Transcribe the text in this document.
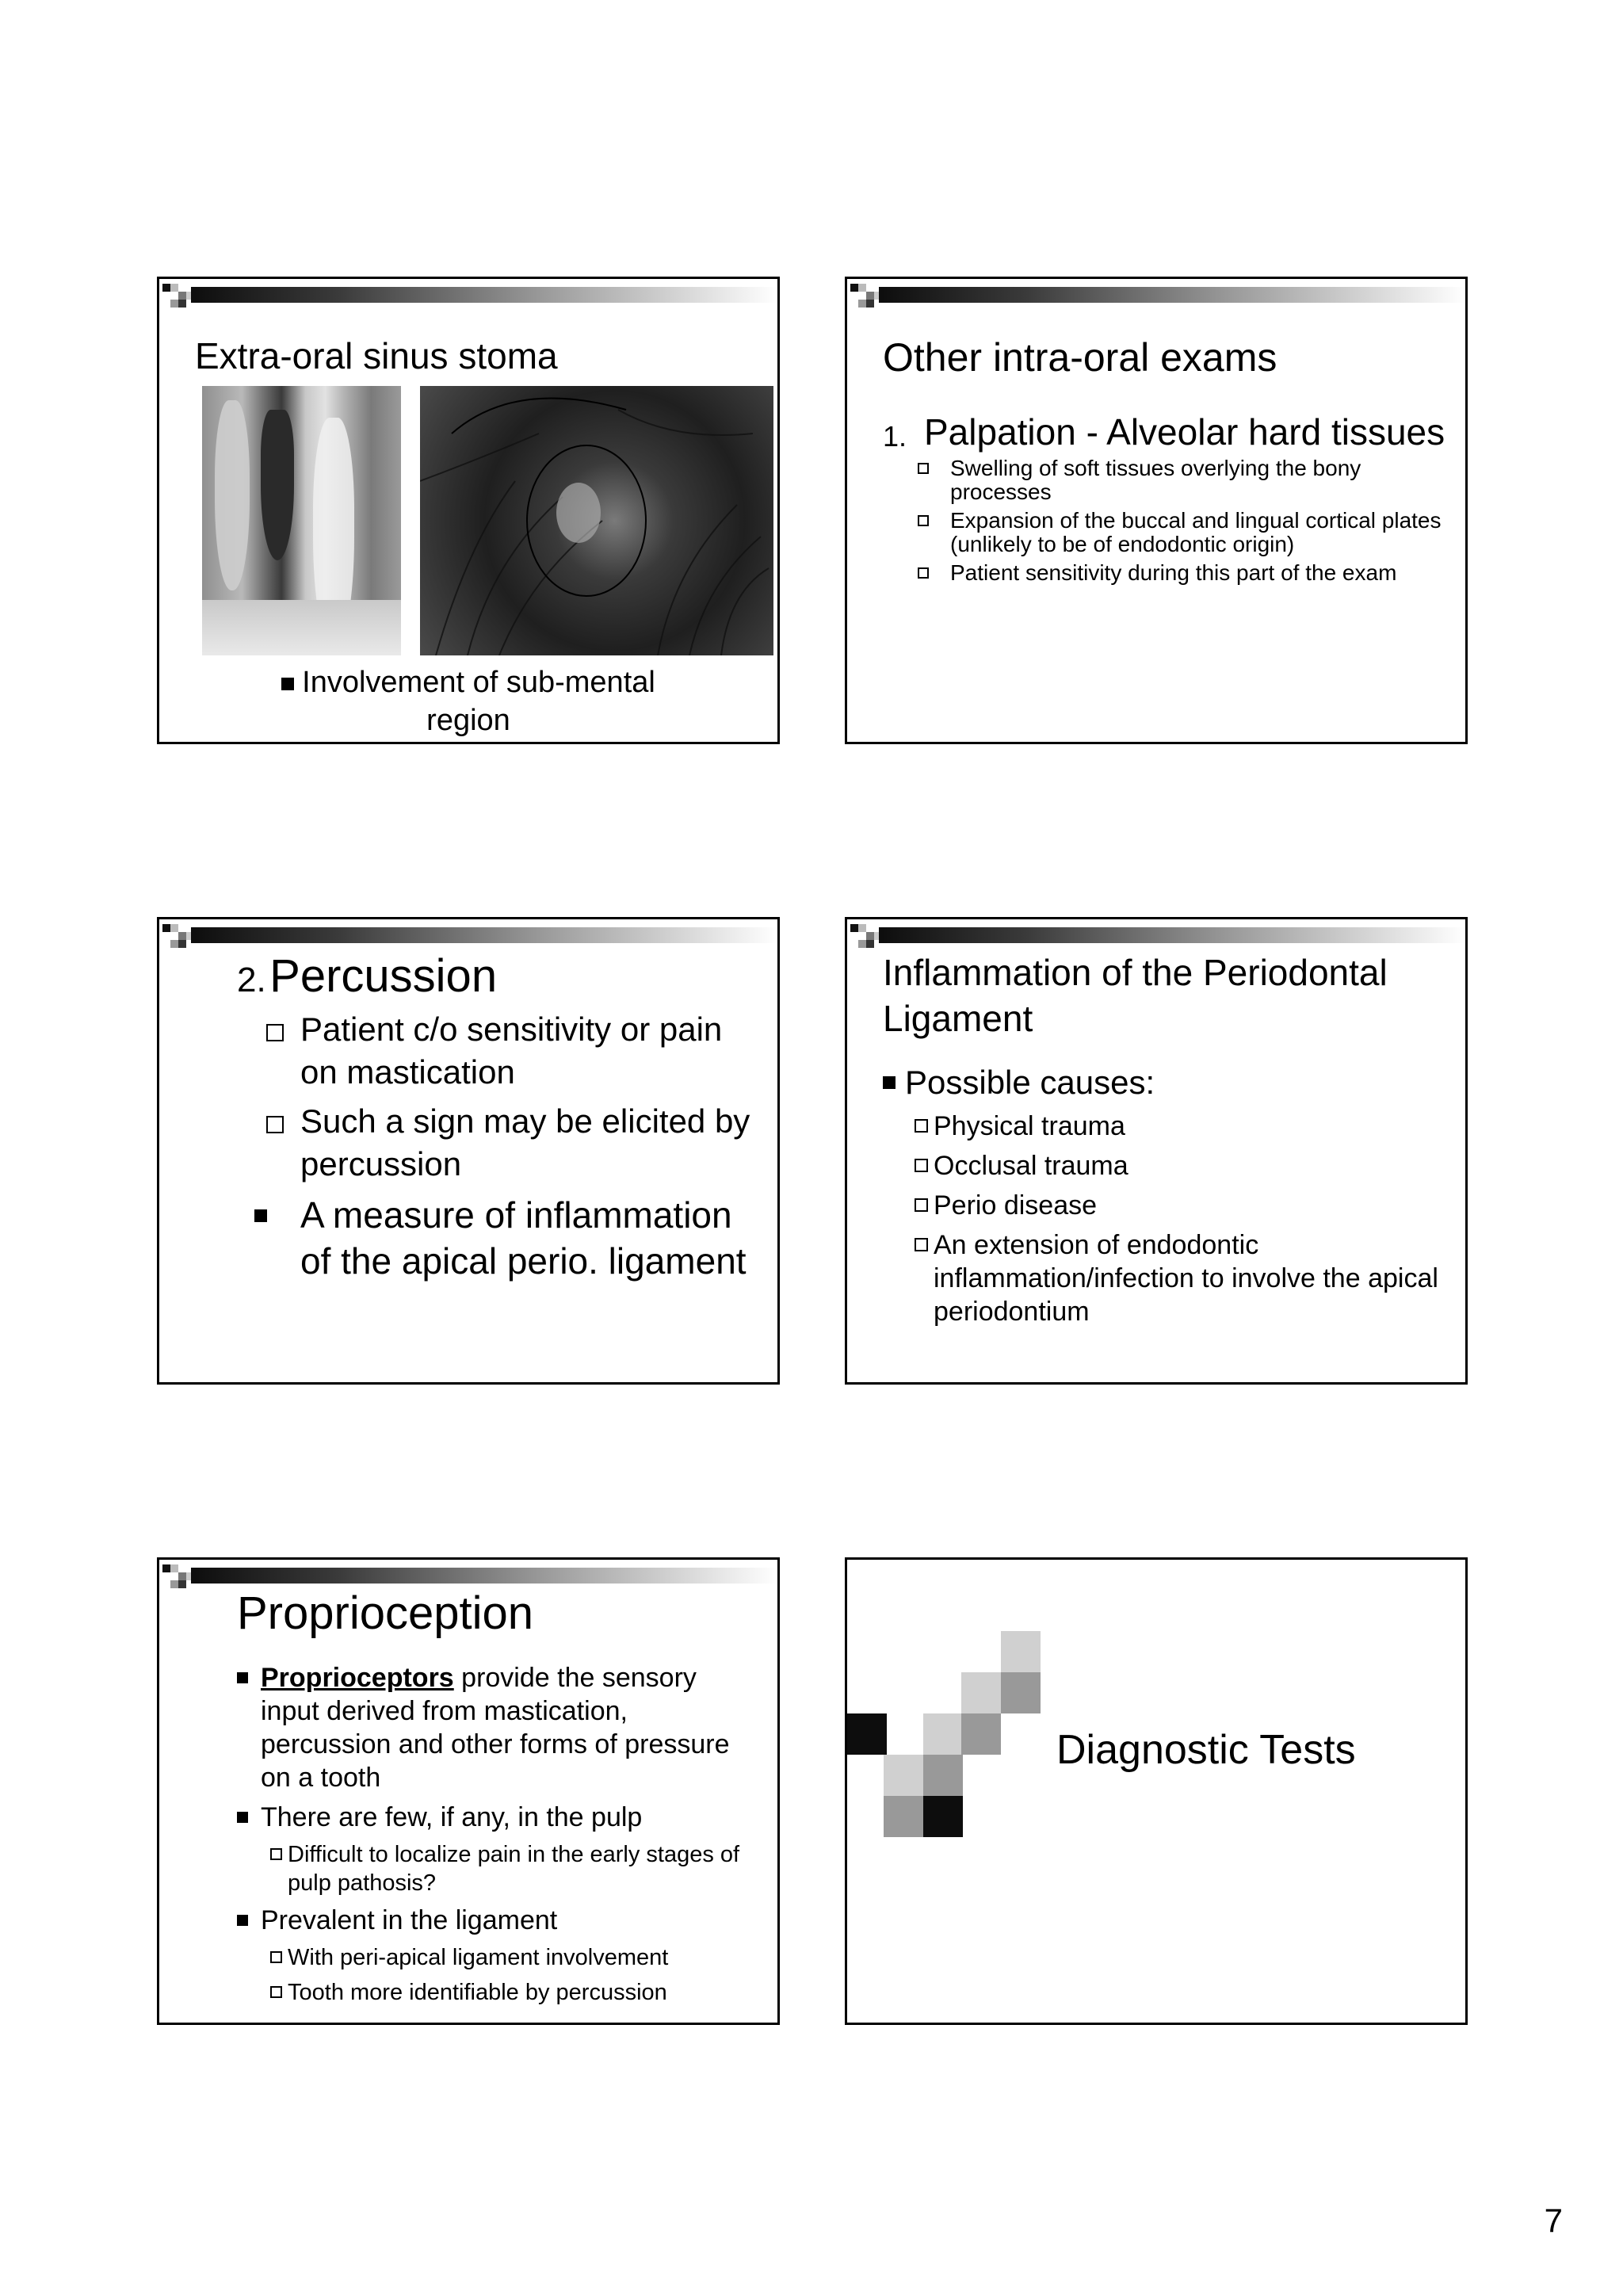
Extra-oral sinus stoma
Involvement of sub-mental
region
Other intra-oral exams
1. Palpation - Alveolar hard tissues
Swelling of soft tissues overlying the bony processes
Expansion of the buccal and lingual cortical plates (unlikely to be of endodontic origin)
Patient sensitivity during this part of the exam
2. Percussion
Patient c/o sensitivity or pain on mastication
Such a sign may be elicited by percussion
A measure of inflammation of the apical perio. ligament
Inflammation of the Periodontal Ligament
Possible causes:
Physical trauma
Occlusal trauma
Perio disease
An extension of endodontic inflammation/infection to involve the apical periodontium
Proprioception
Proprioceptors provide the sensory input derived from mastication, percussion and other forms of pressure on a tooth
There are few, if any, in the pulp
Difficult to localize pain in the early stages of pulp pathosis?
Prevalent in the ligament
With peri-apical ligament involvement
Tooth more identifiable by percussion
Diagnostic Tests
7
